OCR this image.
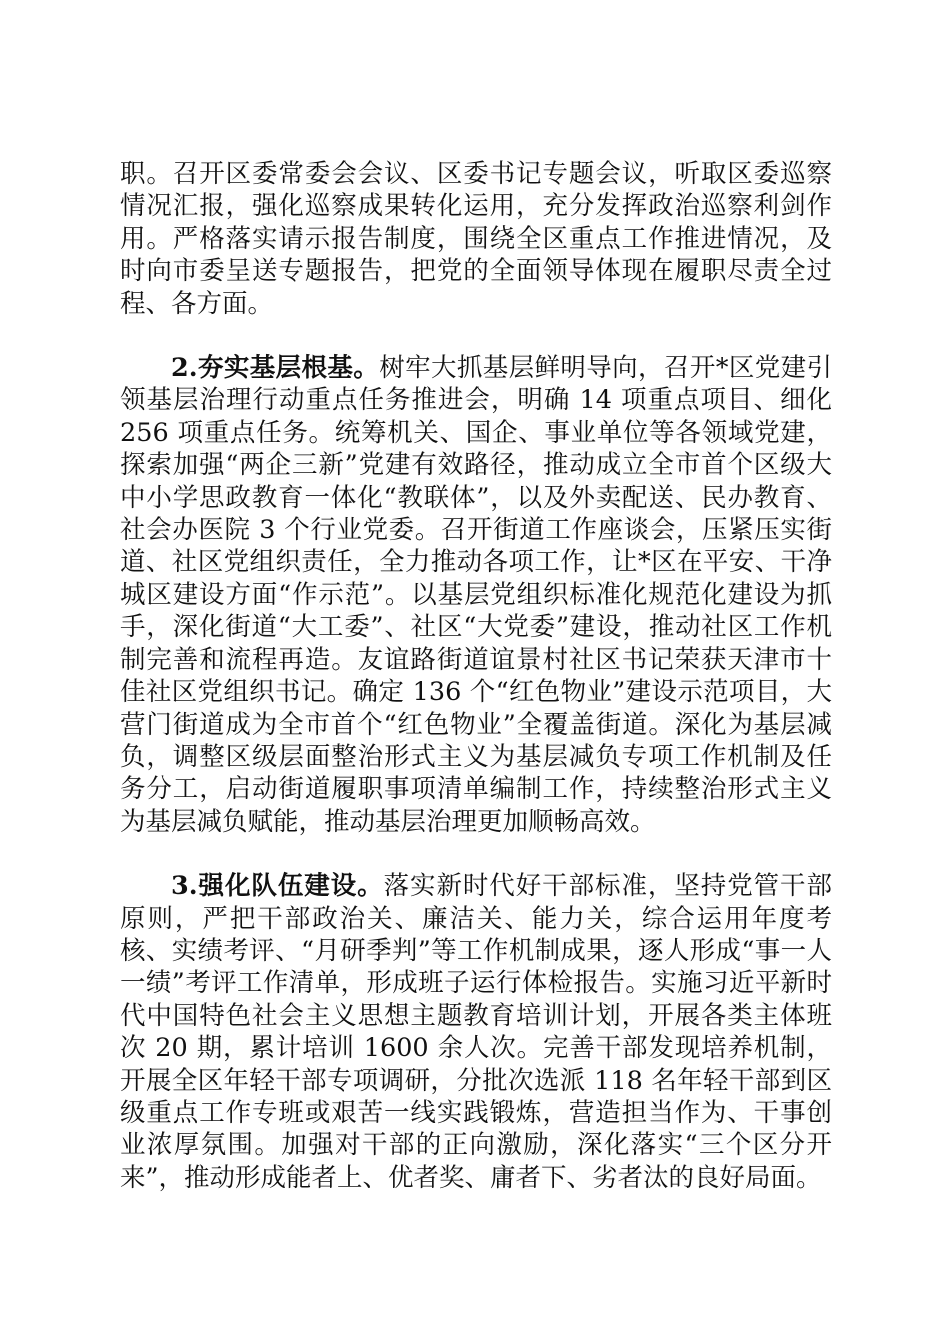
职。召开区委常委会会议、区委书记专题会议，听取区委巡察情况汇报，强化巡察成果转化运用，充分发挥政治巡察利剑作用。严格落实请示报告制度，围绕全区重点工作推进情况，及时向市委呈送专题报告，把党的全面领导体现在履职尽责全过程、各方面。

2.夯实基层根基。树牢大抓基层鲜明导向，召开*区党建引领基层治理行动重点任务推进会，明确 14 项重点项目、细化 256 项重点任务。统筹机关、国企、事业单位等各领域党建，探索加强“两企三新”党建有效路径，推动成立全市首个区级大中小学思政教育一体化“教联体”，以及外卖配送、民办教育、社会办医院 3 个行业党委。召开街道工作座谈会，压紧压实街道、社区党组织责任，全力推动各项工作，让*区在平安、干净城区建设方面“作示范”。以基层党组织标准化规范化建设为抓手，深化街道“大工委”、社区“大党委”建设，推动社区工作机制完善和流程再造。友谊路街道谊景村社区书记荣获天津市十佳社区党组织书记。确定 136 个“红色物业”建设示范项目，大营门街道成为全市首个“红色物业”全覆盖街道。深化为基层减负，调整区级层面整治形式主义为基层减负专项工作机制及任务分工，启动街道履职事项清单编制工作，持续整治形式主义为基层减负赋能，推动基层治理更加顺畅高效。

3.强化队伍建设。落实新时代好干部标准，坚持党管干部原则，严把干部政治关、廉洁关、能力关，综合运用年度考核、实绩考评、“月研季判”等工作机制成果，逐人形成“事一人一绩”考评工作清单，形成班子运行体检报告。实施习近平新时代中国特色社会主义思想主题教育培训计划，开展各类主体班次 20 期，累计培训 1600 余人次。完善干部发现培养机制，开展全区年轻干部专项调研，分批次选派 118 名年轻干部到区级重点工作专班或艰苦一线实践锻炼，营造担当作为、干事创业浓厚氛围。加强对干部的正向激励，深化落实“三个区分开来”，推动形成能者上、优者奖、庸者下、劣者汰的良好局面。
